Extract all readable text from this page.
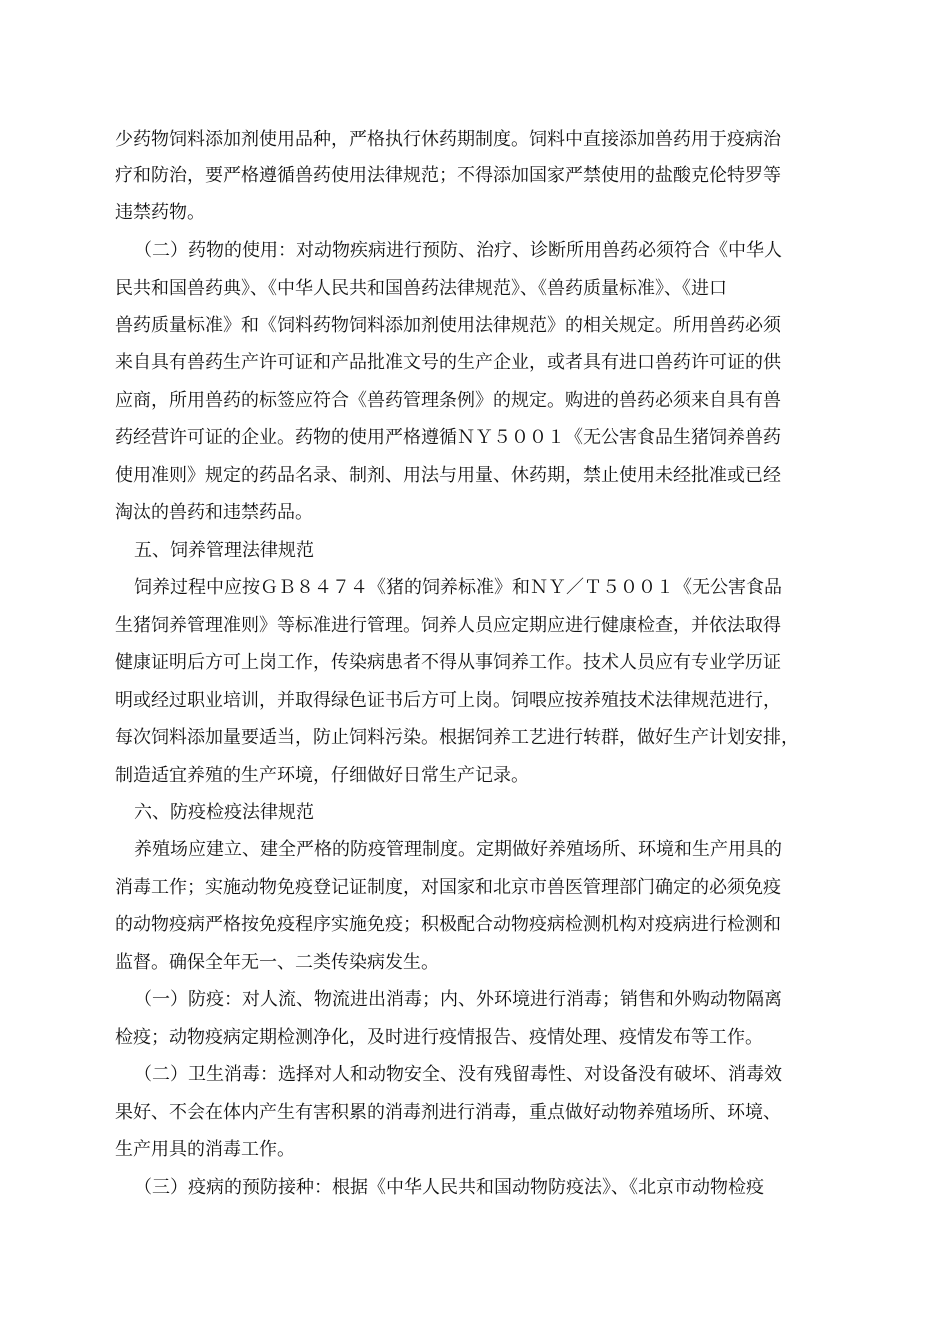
少药物饲料添加剂使用品种，严格执行休药期制度。饲料中直接添加兽药用于疫病治
疗和防治，要严格遵循兽药使用法律规范；不得添加国家严禁使用的盐酸克伦特罗等
违禁药物。
（二）药物的使用：对动物疾病进行预防、治疗、诊断所用兽药必须符合《中华人
民共和国兽药典》、《中华人民共和国兽药法律规范》、《兽药质量标准》、《进口
兽药质量标准》和《饲料药物饲料添加剂使用法律规范》的相关规定。所用兽药必须
来自具有兽药生产许可证和产品批准文号的生产企业，或者具有进口兽药许可证的供
应商，所用兽药的标签应符合《兽药管理条例》的规定。购进的兽药必须来自具有兽
药经营许可证的企业。药物的使用严格遵循ＮＹ５００１《无公害食品生猪饲养兽药
使用准则》规定的药品名录、制剂、用法与用量、休药期，禁止使用未经批准或已经
淘汰的兽药和违禁药品。
五、饲养管理法律规范
饲养过程中应按ＧＢ８４７４《猪的饲养标准》和ＮＹ／Ｔ５００１《无公害食品
生猪饲养管理准则》等标准进行管理。饲养人员应定期应进行健康检查，并依法取得
健康证明后方可上岗工作，传染病患者不得从事饲养工作。技术人员应有专业学历证
明或经过职业培训，并取得绿色证书后方可上岗。饲喂应按养殖技术法律规范进行，
每次饲料添加量要适当，防止饲料污染。根据饲养工艺进行转群，做好生产计划安排，
制造适宜养殖的生产环境，仔细做好日常生产记录。
六、防疫检疫法律规范
养殖场应建立、建全严格的防疫管理制度。定期做好养殖场所、环境和生产用具的
消毒工作；实施动物免疫登记证制度，对国家和北京市兽医管理部门确定的必须免疫
的动物疫病严格按免疫程序实施免疫；积极配合动物疫病检测机构对疫病进行检测和
监督。确保全年无一、二类传染病发生。
（一）防疫：对人流、物流进出消毒；内、外环境进行消毒；销售和外购动物隔离
检疫；动物疫病定期检测净化，及时进行疫情报告、疫情处理、疫情发布等工作。
（二）卫生消毒：选择对人和动物安全、没有残留毒性、对设备没有破坏、消毒效
果好、不会在体内产生有害积累的消毒剂进行消毒，重点做好动物养殖场所、环境、
生产用具的消毒工作。
（三）疫病的预防接种：根据《中华人民共和国动物防疫法》、《北京市动物检疫
